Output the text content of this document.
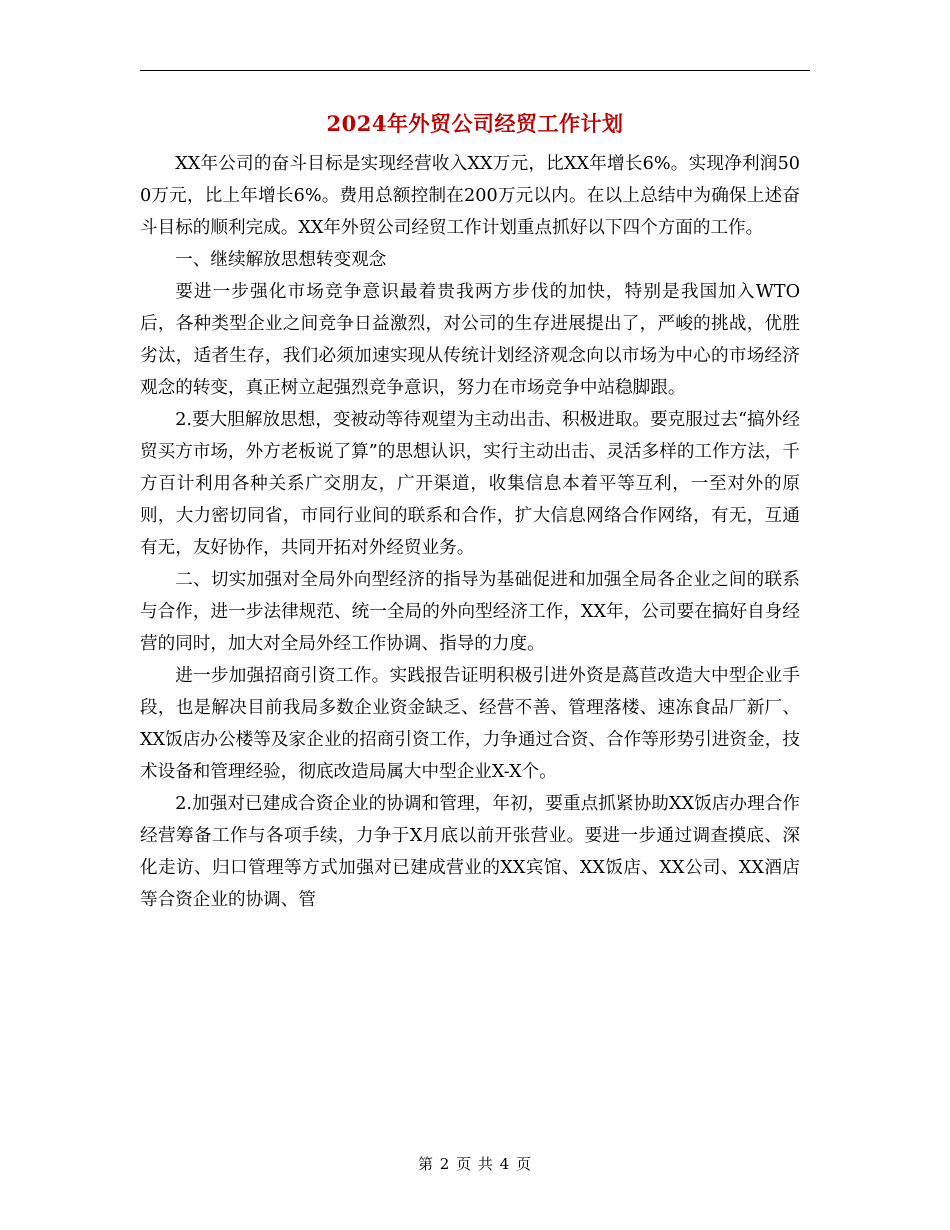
2024年外贸公司经贸工作计划

XX年公司的奋斗目标是实现经营收入XX万元，比XX年增长6%。实现净利润500万元，比上年增长6%。费用总额控制在200万元以内。在以上总结中为确保上述奋斗目标的顺利完成。XX年外贸公司经贸工作计划重点抓好以下四个方面的工作。

一、继续解放思想转变观念

要进一步强化市场竞争意识最着贵我两方步伐的加快，特别是我国加入WTO后，各种类型企业之间竞争日益激烈，对公司的生存进展提出了，严峻的挑战，优胜劣汰，适者生存，我们必须加速实现从传统计划经济观念向以市场为中心的市场经济观念的转变，真正树立起强烈竞争意识，努力在市场竞争中站稳脚跟。

2.要大胆解放思想，变被动等待观望为主动出击、积极进取。要克服过去“搞外经贸买方市场，外方老板说了算”的思想认识，实行主动出击、灵活多样的工作方法，千方百计利用各种关系广交朋友，广开渠道，收集信息本着平等互利，一至对外的原则，大力密切同省，市同行业间的联系和合作，扩大信息网络合作网络，有无，互通有无，友好协作，共同开拓对外经贸业务。

二、切实加强对全局外向型经济的指导为基础促进和加强全局各企业之间的联系与合作，进一步法律规范、统一全局的外向型经济工作，XX年，公司要在搞好自身经营的同时，加大对全局外经工作协调、指导的力度。

进一步加强招商引资工作。实践报告证明积极引进外资是蔿苣改造大中型企业手段，也是解决目前我局多数企业资金缺乏、经营不善、管理落楼、速冻食品厂新厂、XX饭店办公楼等及家企业的招商引资工作，力争通过合资、合作等形势引进资金，技术设备和管理经验，彻底改造局属大中型企业X-X个。

2.加强对已建成合资企业的协调和管理，年初，要重点抓紧协助XX饭店办理合作经营筹备工作与各项手续，力争于X月底以前开张营业。要进一步通过调查摸底、深化走访、归口管理等方式加强对已建成营业的XX宾馆、XX饭店、XX公司、XX酒店等合资企业的协调、管

第 2 页 共 4 页
